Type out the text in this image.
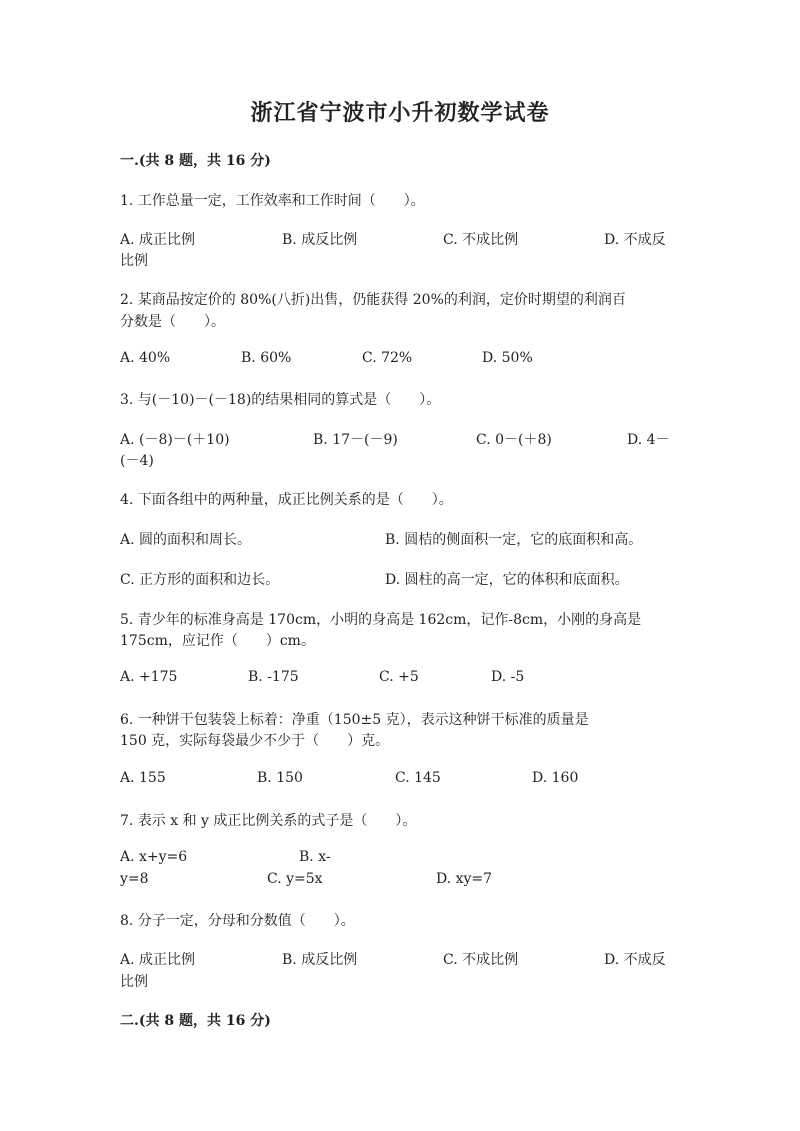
浙江省宁波市小升初数学试卷
一.(共 8 题，共 16 分)
1. 工作总量一定，工作效率和工作时间（　　）。
A. 成正比例	B. 成反比例	C. 不成比例	D. 不成反
比例
2. 某商品按定价的 80%(八折)出售，仍能获得 20%的利润，定价时期望的利润百
分数是（　　）。
A. 40%	B. 60%	C. 72%	D. 50%
3. 与(－10)－(－18)的结果相同的算式是（　　）。
A. (－8)－(＋10)	B. 17－(－9)	C. 0－(＋8)	D. 4－
(－4)
4. 下面各组中的两种量，成正比例关系的是（　　）。
A. 圆的面积和周长。	B. 圆桔的侧面积一定，它的底面积和高。
C. 正方形的面积和边长。	D. 圆柱的高一定，它的体积和底面积。
5. 青少年的标准身高是 170cm，小明的身高是 162cm，记作-8cm，小刚的身高是
175cm，应记作（　　）cm。
A. +175	B. -175	C. +5	D. -5
6. 一种饼干包装袋上标着：净重（150±5 克），表示这种饼干标准的质量是
150 克，实际每袋最少不少于（　　）克。
A. 155	B. 150	C. 145	D. 160
7. 表示 x 和 y 成正比例关系的式子是（　　）。
A. x+y=6	B. x-
y=8	C. y=5x	D. xy=7
8. 分子一定，分母和分数值（　　）。
A. 成正比例	B. 成反比例	C. 不成比例	D. 不成反
比例
二.(共 8 题，共 16 分)
